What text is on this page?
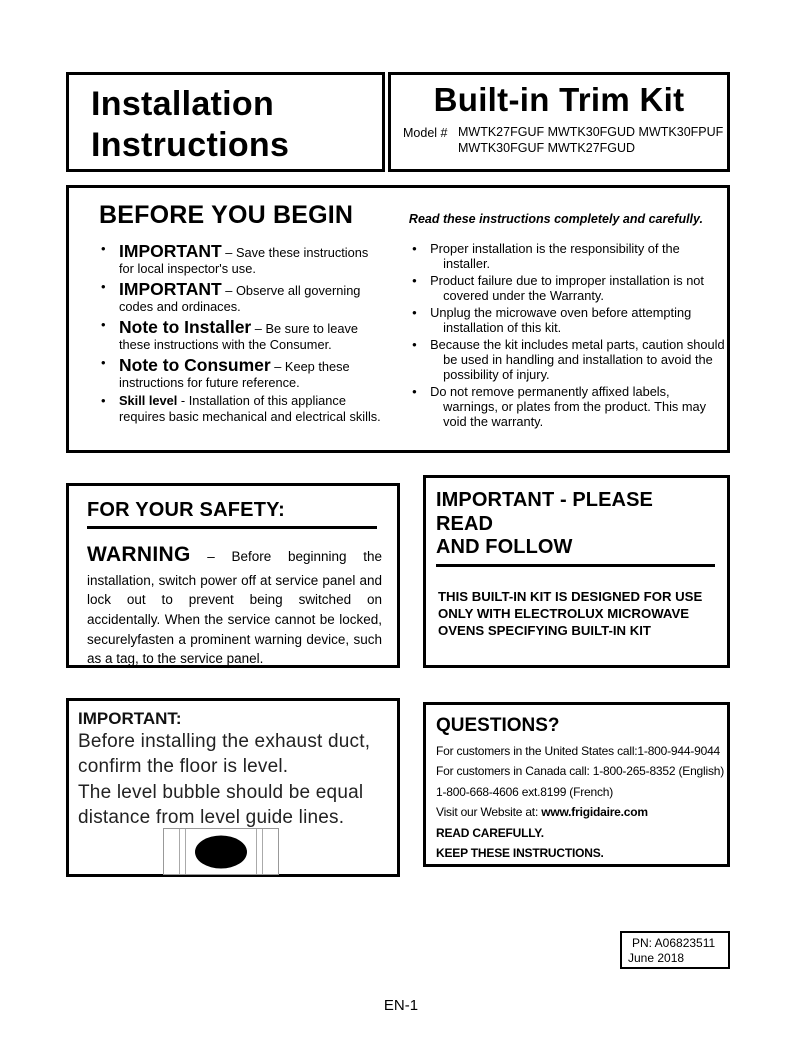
Installation
Instructions
Built-in Trim Kit
Model # MWTK27FGUF MWTK30FGUD MWTK30FPUF
MWTK30FGUF MWTK27FGUD
BEFORE YOU BEGIN	Read these instructions completely and carefully.
• IMPORTANT – Save these instructions for local inspector's use.
• IMPORTANT – Observe all governing codes and ordinaces.
• Note to Installer – Be sure to leave these instructions with the Consumer.
• Note to Consumer – Keep these instructions for future reference.
•	Skill level - Installation of this appliance requires basic mechanical and electrical skills.
•	Proper installation is the responsibility of the installer.
•	Product failure due to improper installation is not covered under the Warranty.
•	Unplug the microwave oven before attempting installation of this kit.
•	Because the kit includes metal parts, caution should be used in handling and installation to avoid the possibility of injury.
•	Do not remove permanently affixed labels, warnings, or plates from the product. This may void the warranty.
FOR YOUR SAFETY:

WARNING – Before beginning the installation, switch power off at service panel and lock out to prevent being switched on accidentally. When the service cannot be locked, securelyfasten a prominent warning device, such as a tag, to the service panel.

IMPORTANT - PLEASE READ
AND FOLLOW
THIS BUILT-IN KIT IS DESIGNED FOR USE ONLY WITH ELECTROLUX MICROWAVE OVENS SPECIFYING BUILT-IN KIT
IMPORTANT:
Before installing the exhaust duct,
confirm the floor is level.
The level bubble should be equal
distance from level guide lines.
QUESTIONS?
For customers in the United States call:1-800-944-9044
For customers in Canada call: 1-800-265-8352 (English)
1-800-668-4606 ext.8199 (French)
Visit our Website at: www.frigidaire.com
READ CAREFULLY.
KEEP THESE INSTRUCTIONS.
PN: A06823511
June 2018
EN-1
